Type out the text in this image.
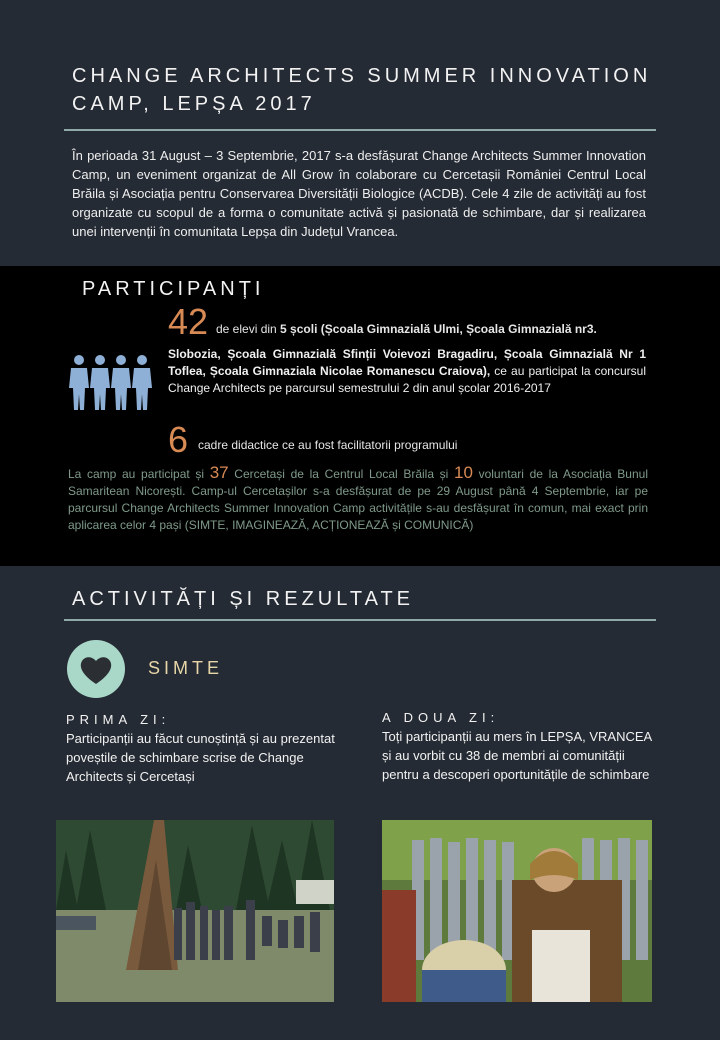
CHANGE ARCHITECTS SUMMER INNOVATION CAMP, LEPȘA 2017
În perioada 31 August – 3 Septembrie, 2017 s-a desfășurat Change Architects Summer Innovation Camp, un eveniment organizat de All Grow în colaborare cu Cercetașii României Centrul Local Brăila și Asociația pentru Conservarea Diversității Biologice (ACDB). Cele 4 zile de activități au fost organizate cu scopul de a forma o comunitate activă și pasionată de schimbare, dar și realizarea unei intervenții în comunitata Lepșa din Județul Vrancea.
PARTICIPANȚI
42 de elevi din 5 școli (Școala Gimnazială Ulmi, Școala Gimnazială nr3.
Slobozia, Școala Gimnazială Sfinții Voievozi Bragadiru, Școala Gimnazială Nr 1 Toflea, Școala Gimnaziala Nicolae Romanescu Craiova), ce au participat la concursul Change Architects pe parcursul semestrului 2 din anul școlar 2016-2017
6 cadre didactice ce au fost facilitatorii programului
La camp au participat și 37 Cercetași de la Centrul Local Brăila și 10 voluntari de la Asociația Bunul Samaritean Nicorești. Camp-ul Cercetașilor s-a desfășurat de pe 29 August până 4 Septembrie, iar pe parcursul Change Architects Summer Innovation Camp activitățile s-au desfășurat în comun, mai exact prin aplicarea celor 4 pași (SIMTE, IMAGINEAZĂ, ACȚIONEAZĂ și COMUNICĂ)
ACTIVITĂȚI ȘI REZULTATE
SIMTE
PRIMA ZI:
Participanții au făcut cunoștință și au prezentat poveștile de schimbare scrise de Change Architects și Cercetași
A DOUA ZI:
Toți participanții au mers în LEPȘA, VRANCEA și au vorbit cu 38 de membri ai comunității pentru a descoperi oportunitățile de schimbare
